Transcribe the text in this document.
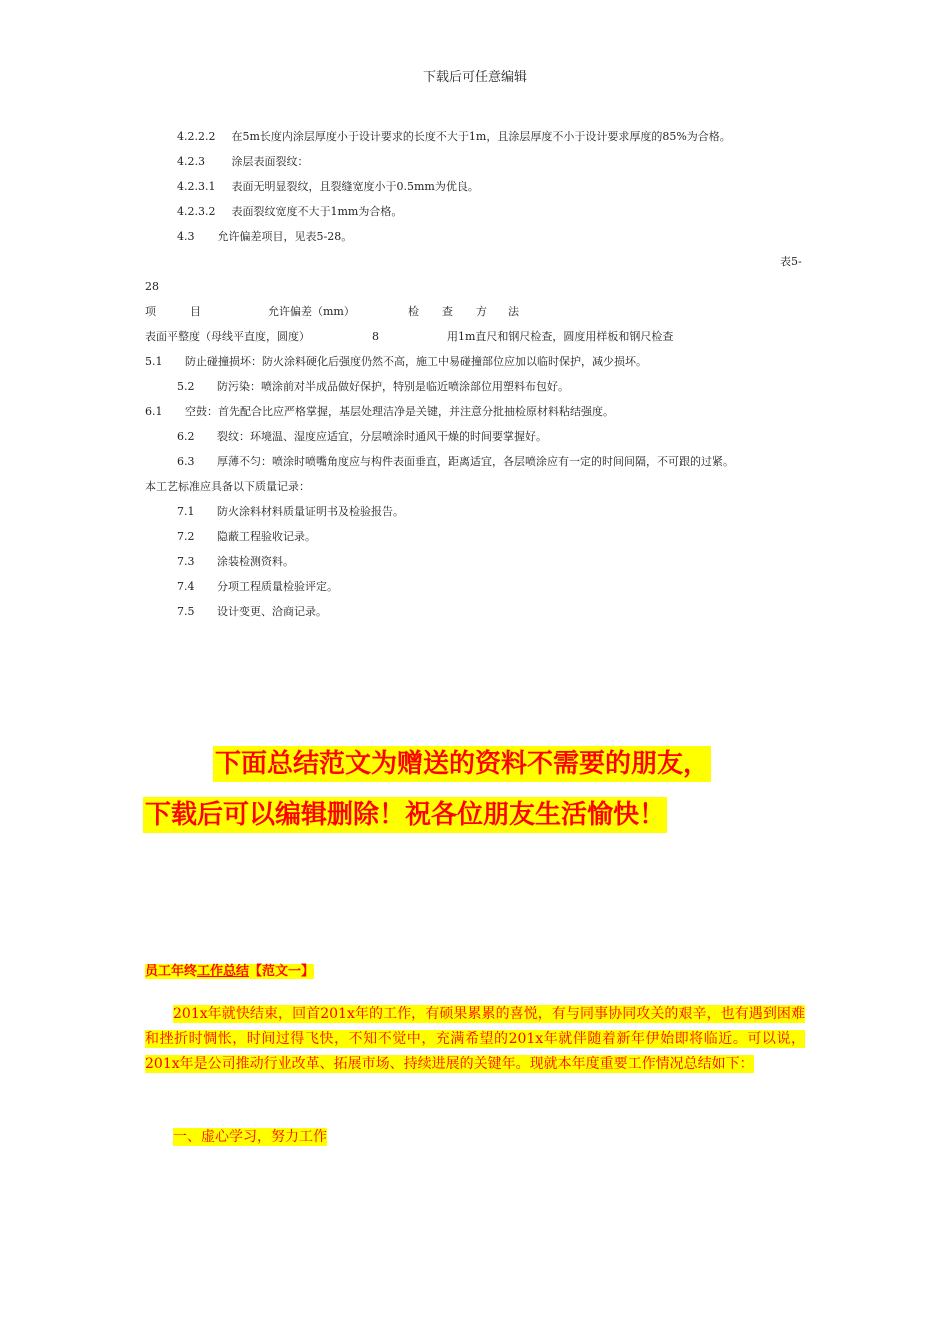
下载后可任意编辑
4.2.2.2 在5m长度内涂层厚度小于设计要求的长度不大于1m，且涂层厚度不小于设计要求厚度的85%为合格。
4.2.3 涂层表面裂纹：
4.2.3.1 表面无明显裂纹，且裂缝宽度小于0.5mm为优良。
4.2.3.2 表面裂纹宽度不大于1mm为合格。
4.3 允许偏差项目，见表5-28。
表5-
28
项	目	允许偏差（mm）	检 查 方 法
表面平整度（母线平直度，圆度）	8	用1m直尺和钢尺检查，圆度用样板和钢尺检查
5.1 防止碰撞损坏：防火涂料硬化后强度仍然不高，施工中易碰撞部位应加以临时保护，减少损坏。
5.2 防污染：喷涂前对半成品做好保护，特别是临近喷涂部位用塑料布包好。
6.1 空鼓：首先配合比应严格掌握，基层处理洁净是关键，并注意分批抽检原材料粘结强度。
6.2 裂纹：环境温、湿度应适宜，分层喷涂时通风干燥的时间要掌握好。
6.3 厚薄不匀：喷涂时喷嘴角度应与构件表面垂直，距离适宜，各层喷涂应有一定的时间间隔，不可跟的过紧。
本工艺标准应具备以下质量记录：
7.1 防火涂料材料质量证明书及检验报告。
7.2 隐蔽工程验收记录。
7.3 涂装检测资料。
7.4 分项工程质量检验评定。
7.5 设计变更、洽商记录。
下面总结范文为赠送的资料不需要的朋友，
下载后可以编辑删除！祝各位朋友生活愉快！
员工年终工作总结【范文一】
201x年就快结束，回首201x年的工作，有硕果累累的喜悦，有与同事协同攻关的艰辛，也有遇到困难和挫折时惆怅，时间过得飞快，不知不觉中，充满希望的201x年就伴随着新年伊始即将临近。可以说，201x年是公司推动行业改革、拓展市场、持续进展的关键年。现就本年度重要工作情况总结如下：
一、虚心学习，努力工作
